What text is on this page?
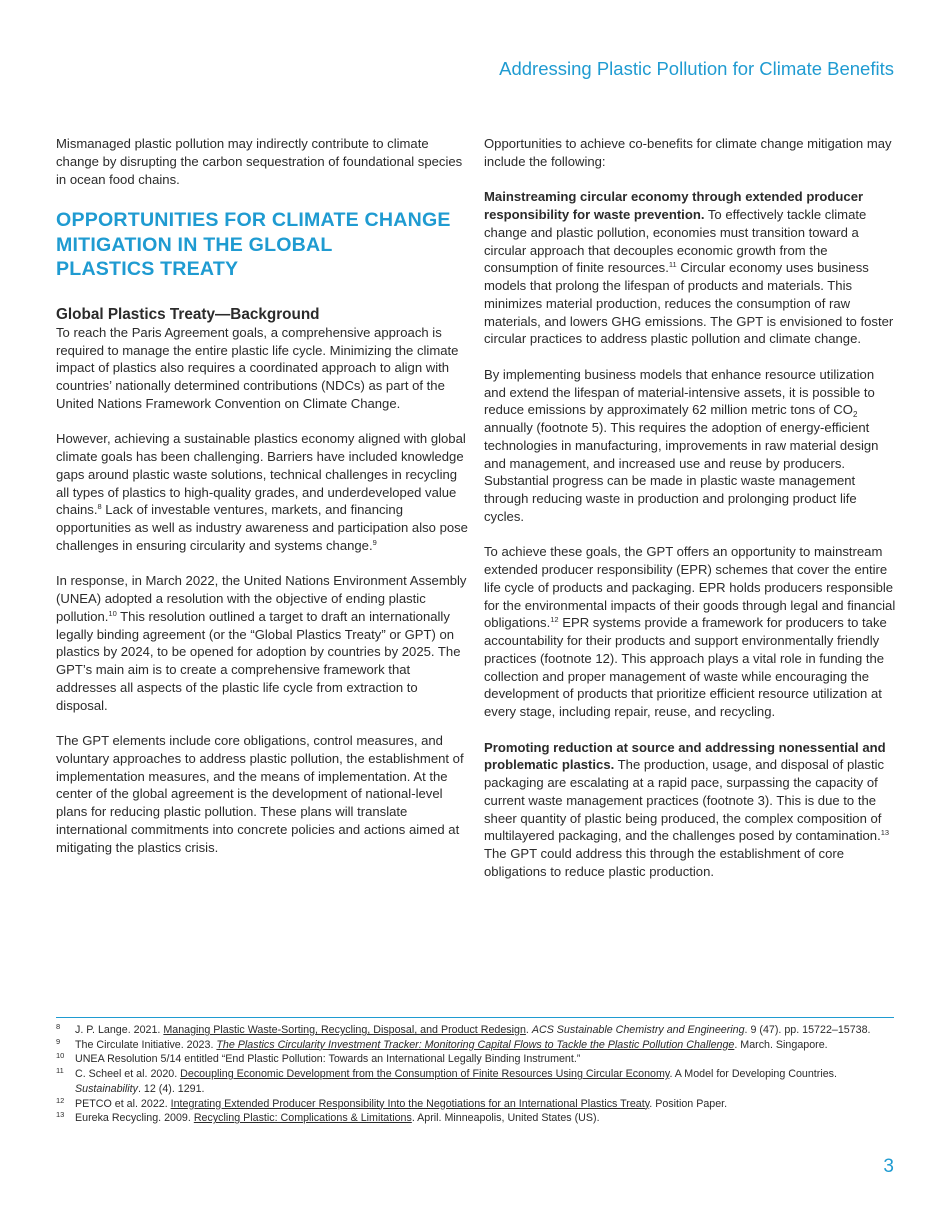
Addressing Plastic Pollution for Climate Benefits

Mismanaged plastic pollution may indirectly contribute to climate change by disrupting the carbon sequestration of foundational species in ocean food chains.

OPPORTUNITIES FOR CLIMATE CHANGE
MITIGATION IN THE GLOBAL
PLASTICS TREATY
Global Plastics Treaty—Background

To reach the Paris Agreement goals, a comprehensive approach is required to manage the entire plastic life cycle. Minimizing the climate impact of plastics also requires a coordinated approach to align with countries’ nationally determined contributions (NDCs) as part of the United Nations Framework Convention on Climate Change.

However, achieving a sustainable plastics economy aligned with global climate goals has been challenging. Barriers have included knowledge gaps around plastic waste solutions, technical challenges in recycling all types of plastics to high-quality grades, and underdeveloped value chains.$^8$ Lack of investable ventures, markets, and financing opportunities as well as industry awareness and participation also pose challenges in ensuring circularity and systems change.$^9$

In response, in March 2022, the United Nations Environment Assembly (UNEA) adopted a resolution with the objective of ending plastic pollution.$^{10}$ This resolution outlined a target to draft an internationally legally binding agreement (or the “Global Plastics Treaty” or GPT) on plastics by 2024, to be opened for adoption by countries by 2025. The GPT’s main aim is to create a comprehensive framework that addresses all aspects of the plastic life cycle from extraction to disposal.

The GPT elements include core obligations, control measures, and voluntary approaches to address plastic pollution, the establishment of implementation measures, and the means of implementation. At the center of the global agreement is the development of national-level plans for reducing plastic pollution. These plans will translate international commitments into concrete policies and actions aimed at mitigating the plastics crisis.

Opportunities to achieve co-benefits for climate change mitigation may include the following:

Mainstreaming circular economy through extended producer responsibility for waste prevention. To effectively tackle climate change and plastic pollution, economies must transition toward a circular approach that decouples economic growth from the consumption of finite resources.$^{11}$ Circular economy uses business models that prolong the lifespan of products and materials. This minimizes material production, reduces the consumption of raw materials, and lowers GHG emissions. The GPT is envisioned to foster circular practices to address plastic pollution and climate change.

By implementing business models that enhance resource utilization and extend the lifespan of material-intensive assets, it is possible to reduce emissions by approximately 62 million metric tons of $CO_2$ annually (footnote 5). This requires the adoption of energy-efficient technologies in manufacturing, improvements in raw material design and management, and increased use and reuse by producers. Substantial progress can be made in plastic waste management through reducing waste in production and prolonging product life cycles.

To achieve these goals, the GPT offers an opportunity to mainstream extended producer responsibility (EPR) schemes that cover the entire life cycle of products and packaging. EPR holds producers responsible for the environmental impacts of their goods through legal and financial obligations.$^{12}$ EPR systems provide a framework for producers to take accountability for their products and support environmentally friendly practices (footnote 12). This approach plays a vital role in funding the collection and proper management of waste while encouraging the development of products that prioritize efficient resource utilization at every stage, including repair, reuse, and recycling.

Promoting reduction at source and addressing nonessential and problematic plastics. The production, usage, and disposal of plastic packaging are escalating at a rapid pace, surpassing the capacity of current waste management practices (footnote 3). This is due to the sheer quantity of plastic being produced, the complex composition of multilayered packaging, and the challenges posed by contamination.$^{13}$ The GPT could address this through the establishment of core obligations to reduce plastic production.

8	J. P. Lange. 2021. Managing Plastic Waste-Sorting, Recycling, Disposal, and Product Redesign. ACS Sustainable Chemistry and Engineering. 9 (47). pp. 15722–15738.
9	The Circulate Initiative. 2023. The Plastics Circularity Investment Tracker: Monitoring Capital Flows to Tackle the Plastic Pollution Challenge. March. Singapore.
10 UNEA Resolution 5/14 entitled “End Plastic Pollution: Towards an International Legally Binding Instrument.”
11	C. Scheel et al. 2020. Decoupling Economic Development from the Consumption of Finite Resources Using Circular Economy. A Model for Developing Countries. Sustainability. 12 (4). 1291.
12 PETCO et al. 2022. Integrating Extended Producer Responsibility Into the Negotiations for an International Plastics Treaty. Position Paper.
13 Eureka Recycling. 2009. Recycling Plastic: Complications & Limitations. April. Minneapolis, United States (US).
3
